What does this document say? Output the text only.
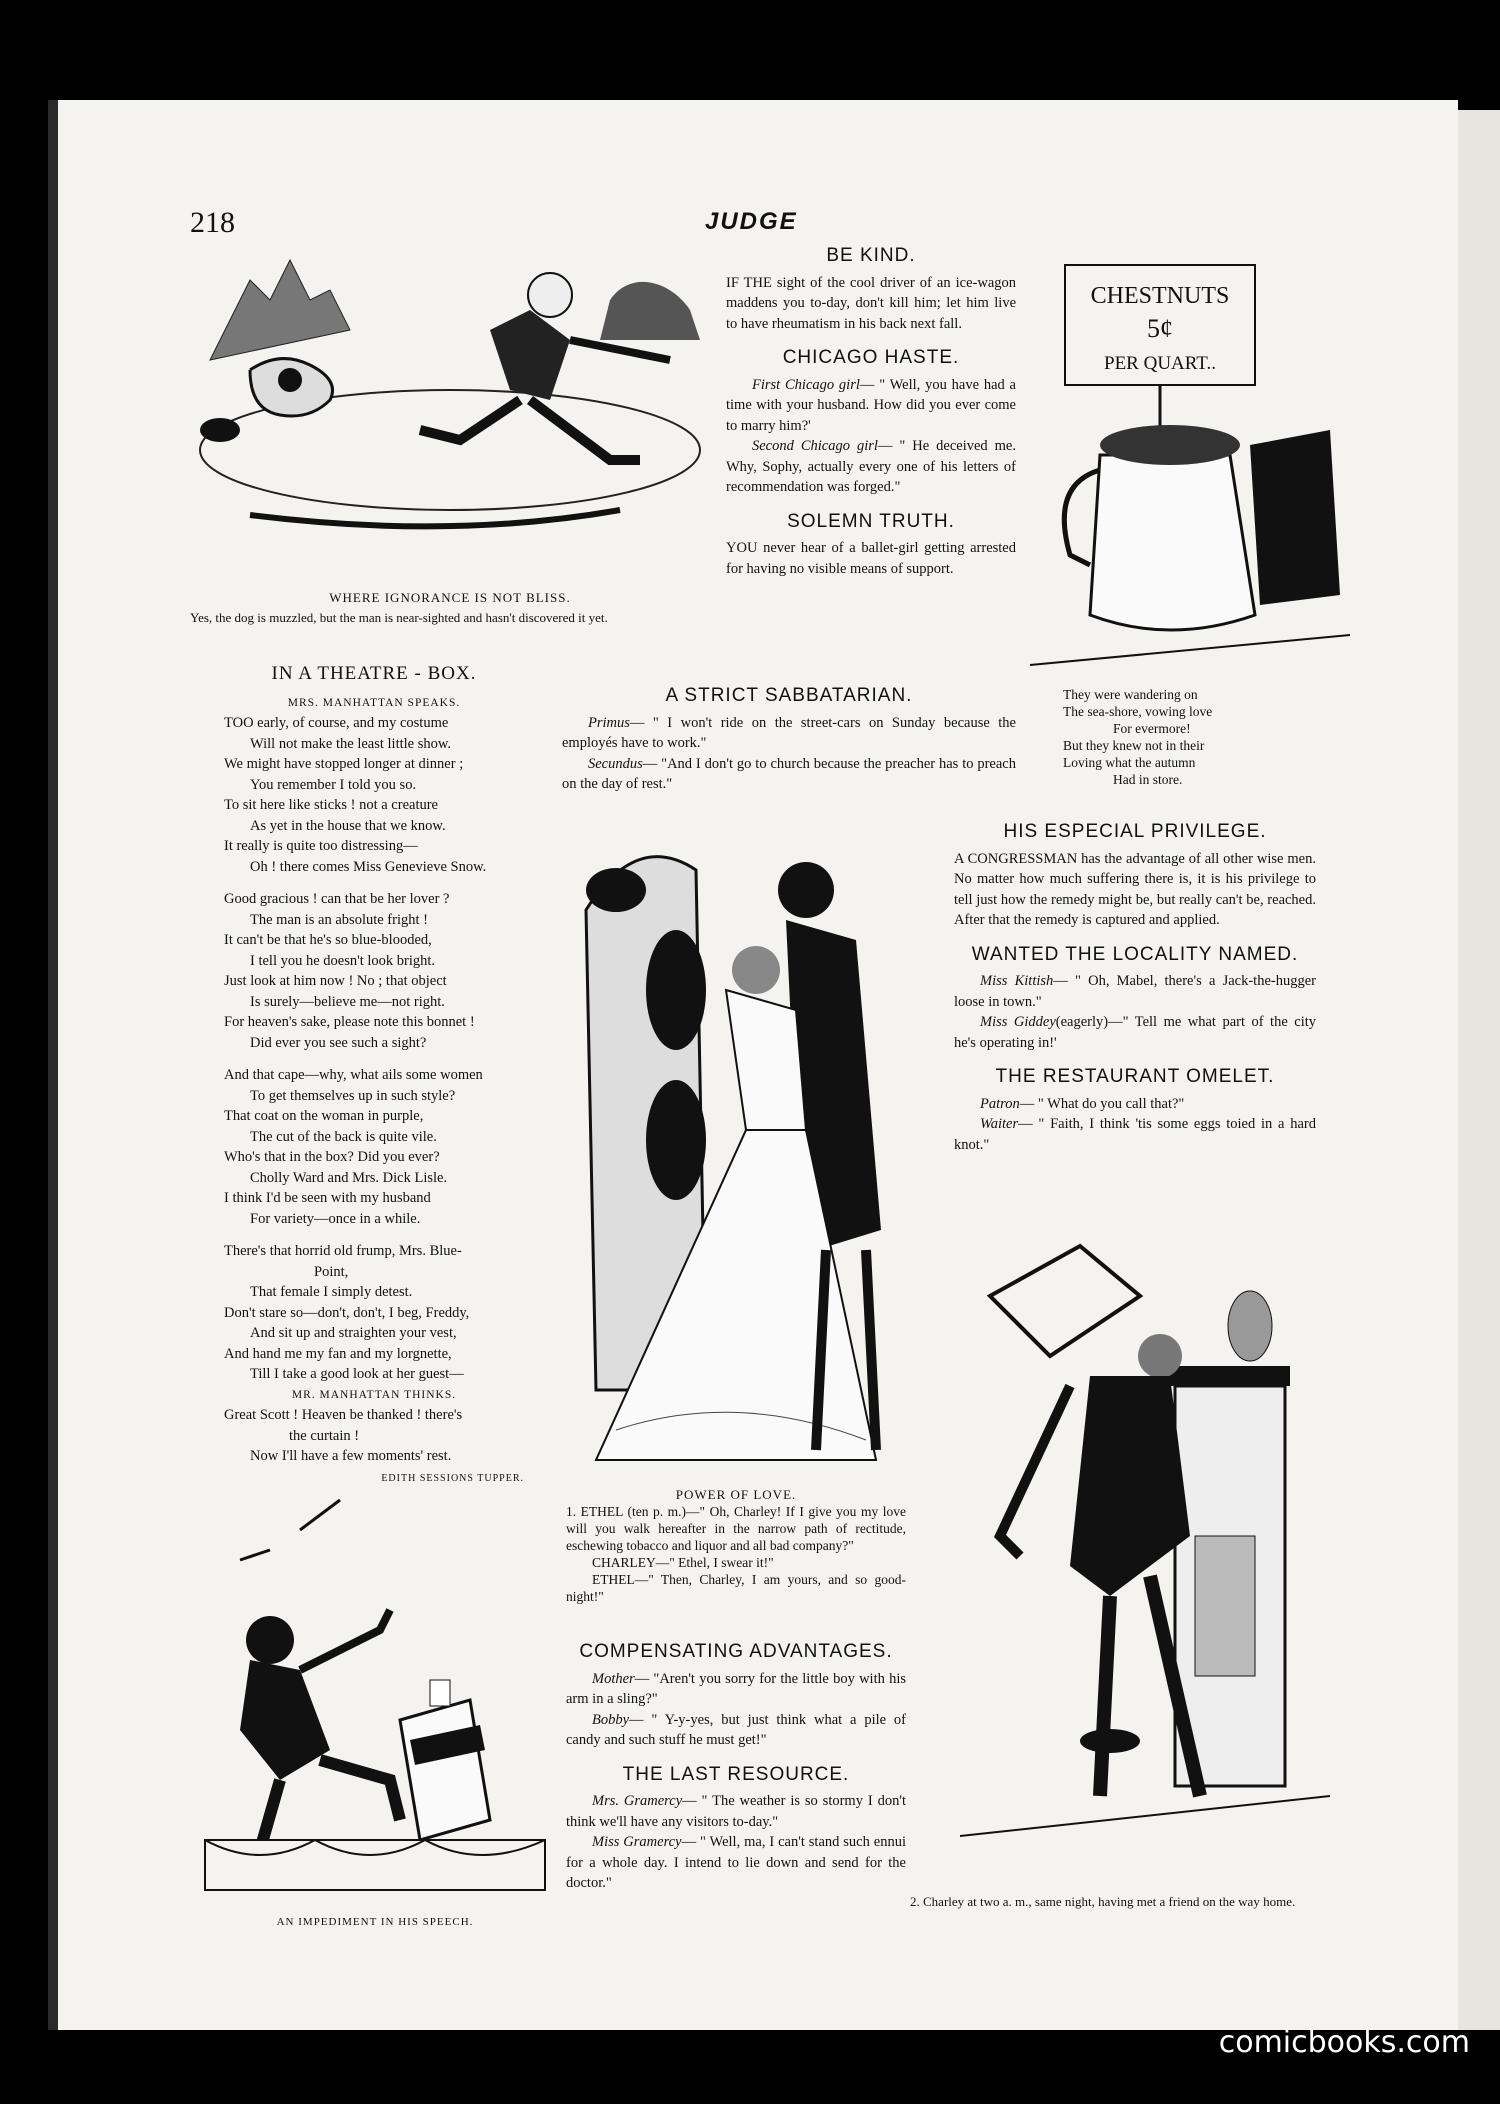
218	JUDGE
WHERE IGNORANCE IS NOT BLISS.

Yes, the dog is muzzled, but the man is near-sighted and hasn't discovered it yet.

BE KIND.

IF THE sight of the cool driver of an ice-wagon maddens you to-day, don't kill him; let him live to have rheumatism in his back next fall.

CHICAGO HASTE.

First Chicago girl— " Well, you have had a time with your husband. How did you ever come to marry him?'

Second Chicago girl— " He deceived me. Why, Sophy, actually every one of his letters of recommendation was forged."

SOLEMN TRUTH.

YOU never hear of a ballet-girl getting arrested for having no visible means of support.

CHESTNUTS
5¢
PER QUART..
They were wandering on
The sea-shore, vowing love
For evermore!
But they knew not in their
Loving what the autumn
Had in store.
IN A THEATRE - BOX.
MRS. MANHATTAN SPEAKS.
TOO early, of course, and my costume
Will not make the least little show.
We might have stopped longer at dinner ;
You remember I told you so.
To sit here like sticks ! not a creature
As yet in the house that we know.
It really is quite too distressing—
Oh ! there comes Miss Genevieve Snow.
Good gracious ! can that be her lover ?
The man is an absolute fright !
It can't be that he's so blue-blooded,
I tell you he doesn't look bright.
Just look at him now ! No ; that object
Is surely—believe me—not right.
For heaven's sake, please note this bonnet !
Did ever you see such a sight?
And that cape—why, what ails some women
To get themselves up in such style?
That coat on the woman in purple,
The cut of the back is quite vile.
Who's that in the box? Did you ever?
Cholly Ward and Mrs. Dick Lisle.
I think I'd be seen with my husband
For variety—once in a while.
There's that horrid old frump, Mrs. Blue-
Point,
That female I simply detest.
Don't stare so—don't, don't, I beg, Freddy,
And sit up and straighten your vest,
And hand me my fan and my lorgnette,
Till I take a good look at her guest—
MR. MANHATTAN THINKS.
Great Scott ! Heaven be thanked ! there's
the curtain !
Now I'll have a few moments' rest.
EDITH SESSIONS TUPPER.
A STRICT SABBATARIAN.

Primus— " I won't ride on the street-cars on Sunday because the employés have to work."

Secundus— "And I don't go to church because the preacher has to preach on the day of rest."

POWER OF LOVE.

1. ETHEL (ten p. m.)—" Oh, Charley! If I give you my love will you walk hereafter in the narrow path of rectitude, eschewing tobacco and liquor and all bad company?"

CHARLEY—" Ethel, I swear it!"

ETHEL—" Then, Charley, I am yours, and so good-night!"

COMPENSATING ADVANTAGES.

Mother— "Aren't you sorry for the little boy with his arm in a sling?"

Bobby— " Y-y-yes, but just think what a pile of candy and such stuff he must get!"

THE LAST RESOURCE.

Mrs. Gramercy— " The weather is so stormy I don't think we'll have any visitors to-day."

Miss Gramercy— " Well, ma, I can't stand such ennui for a whole day. I intend to lie down and send for the doctor."

HIS ESPECIAL PRIVILEGE.

A CONGRESSMAN has the advantage of all other wise men. No matter how much suffering there is, it is his privilege to tell just how the remedy might be, but really can't be, reached. After that the remedy is captured and applied.

WANTED THE LOCALITY NAMED.

Miss Kittish— " Oh, Mabel, there's a Jack-the-hugger loose in town."

Miss Giddey(eagerly)—" Tell me what part of the city he's operating in!'

THE RESTAURANT OMELET.

Patron— " What do you call that?"

Waiter— " Faith, I think 'tis some eggs toied in a hard knot."

2. Charley at two a. m., same night, having met a friend on the way home.

AN IMPEDIMENT IN HIS SPEECH.
comicbooks.com
